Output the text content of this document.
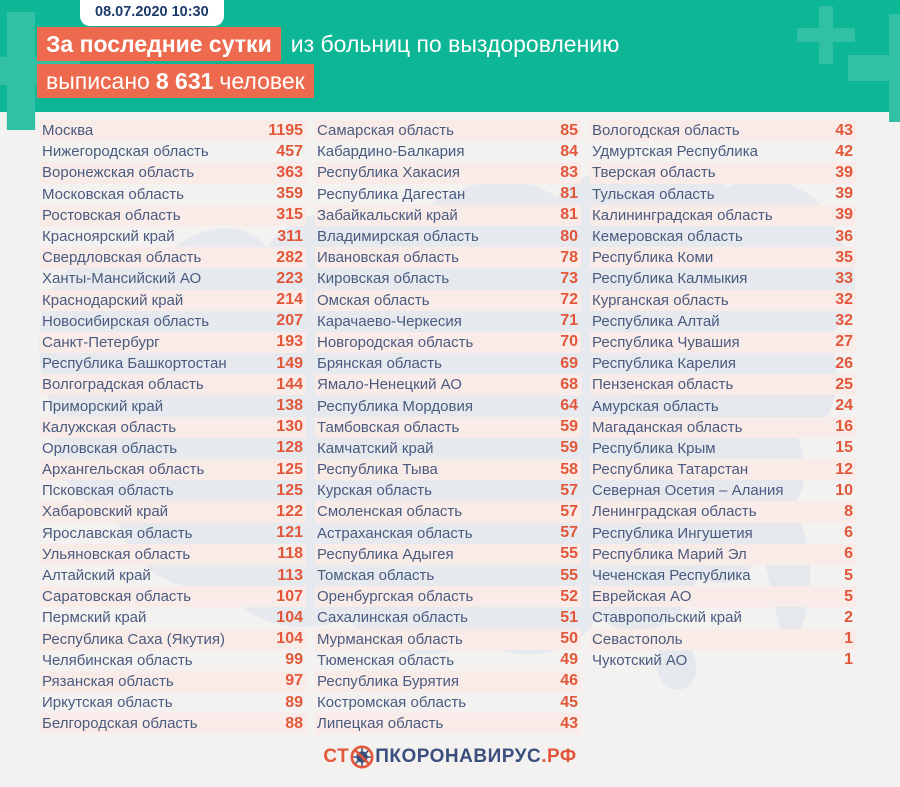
08.07.2020 10:30
За последние сутки из больниц по выздоровлению
выписано 8 631 человек
Москва	1195
Нижегородская область	457
Воронежская область	363
Московская область	359
Ростовская область	315
Красноярский край	311
Свердловская область	282
Ханты-Мансийский АО	223
Краснодарский край	214
Новосибирская область	207
Санкт-Петербург	193
Республика Башкортостан	149
Волгоградская область	144
Приморский край	138
Калужская область	130
Орловская область	128
Архангельская область	125
Псковская область	125
Хабаровский край	122
Ярославская область	121
Ульяновская область	118
Алтайский край	113
Саратовская область	107
Пермский край	104
Республика Саха (Якутия)	104
Челябинская область	99
Рязанская область	97
Иркутская область	89
Белгородская область	88
Самарская область	85
Кабардино-Балкария	84
Республика Хакасия	83
Республика Дагестан	81
Забайкальский край	81
Владимирская область	80
Ивановская область	78
Кировская область	73
Омская область	72
Карачаево-Черкесия	71
Новгородская область	70
Брянская область	69
Ямало-Ненецкий АО	68
Республика Мордовия	64
Тамбовская область	59
Камчатский край	59
Республика Тыва	58
Курская область	57
Смоленская область	57
Астраханская область	57
Республика Адыгея	55
Томская область	55
Оренбургская область	52
Сахалинская область	51
Мурманская область	50
Тюменская область	49
Республика Бурятия	46
Костромская область	45
Липецкая область	43
Вологодская область	43
Удмуртская Республика	42
Тверская область	39
Тульская область	39
Калининградская область	39
Кемеровская область	36
Республика Коми	35
Республика Калмыкия	33
Курганская область	32
Республика Алтай	32
Республика Чувашия	27
Республика Карелия	26
Пензенская область	25
Амурская область	24
Магаданская область	16
Республика Крым	15
Республика Татарстан	12
Северная Осетия – Алания	10
Ленинградская область	8
Республика Ингушетия	6
Республика Марий Эл	6
Чеченская Республика	5
Еврейская АО	5
Ставропольский край	2
Севастополь	1
Чукотский АО	1
СТ ПКОРОНАВИРУС .РФ
